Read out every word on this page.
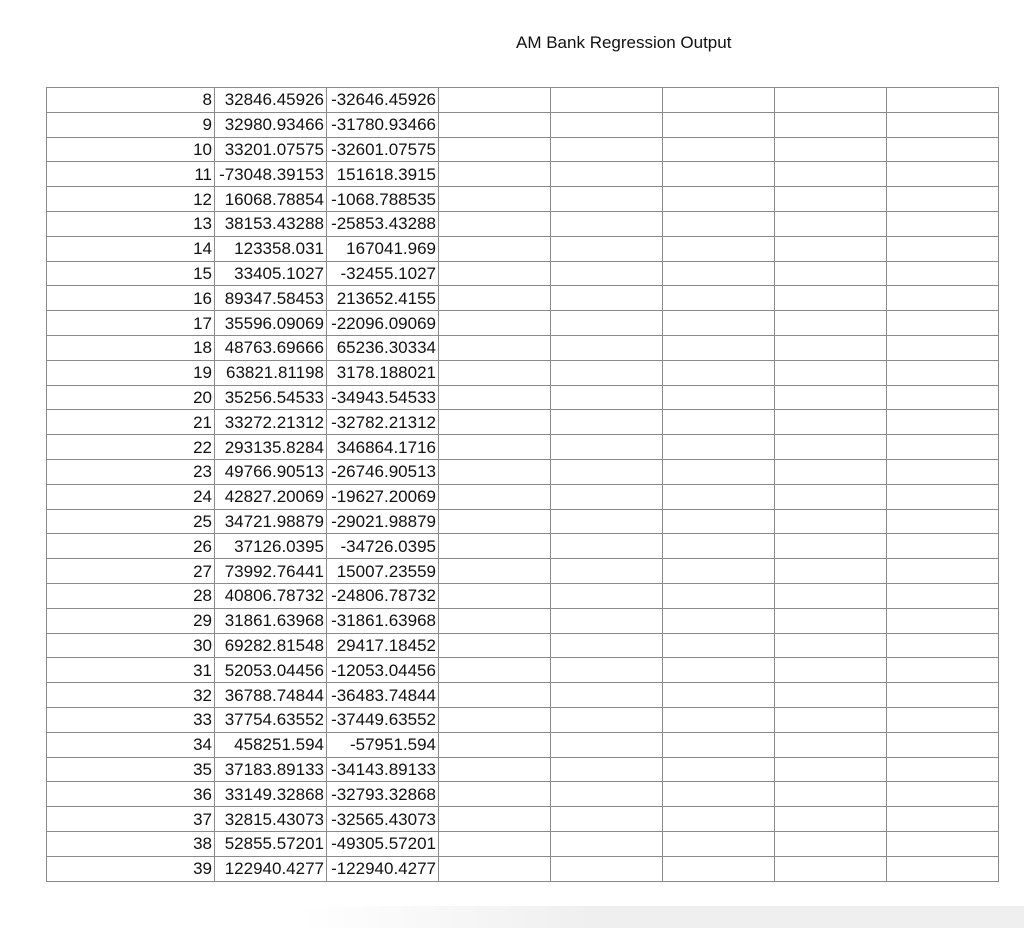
AM Bank Regression Output
8	32846.45926	-32646.45926					
9	32980.93466	-31780.93466					
10	33201.07575	-32601.07575					
11	-73048.39153	151618.3915					
12	16068.78854	-1068.788535					
13	38153.43288	-25853.43288					
14	123358.031	167041.969					
15	33405.1027	-32455.1027					
16	89347.58453	213652.4155					
17	35596.09069	-22096.09069					
18	48763.69666	65236.30334					
19	63821.81198	3178.188021					
20	35256.54533	-34943.54533					
21	33272.21312	-32782.21312					
22	293135.8284	346864.1716					
23	49766.90513	-26746.90513					
24	42827.20069	-19627.20069					
25	34721.98879	-29021.98879					
26	37126.0395	-34726.0395					
27	73992.76441	15007.23559					
28	40806.78732	-24806.78732					
29	31861.63968	-31861.63968					
30	69282.81548	29417.18452					
31	52053.04456	-12053.04456					
32	36788.74844	-36483.74844					
33	37754.63552	-37449.63552					
34	458251.594	-57951.594					
35	37183.89133	-34143.89133					
36	33149.32868	-32793.32868					
37	32815.43073	-32565.43073					
38	52855.57201	-49305.57201					
39	122940.4277	-122940.4277					
